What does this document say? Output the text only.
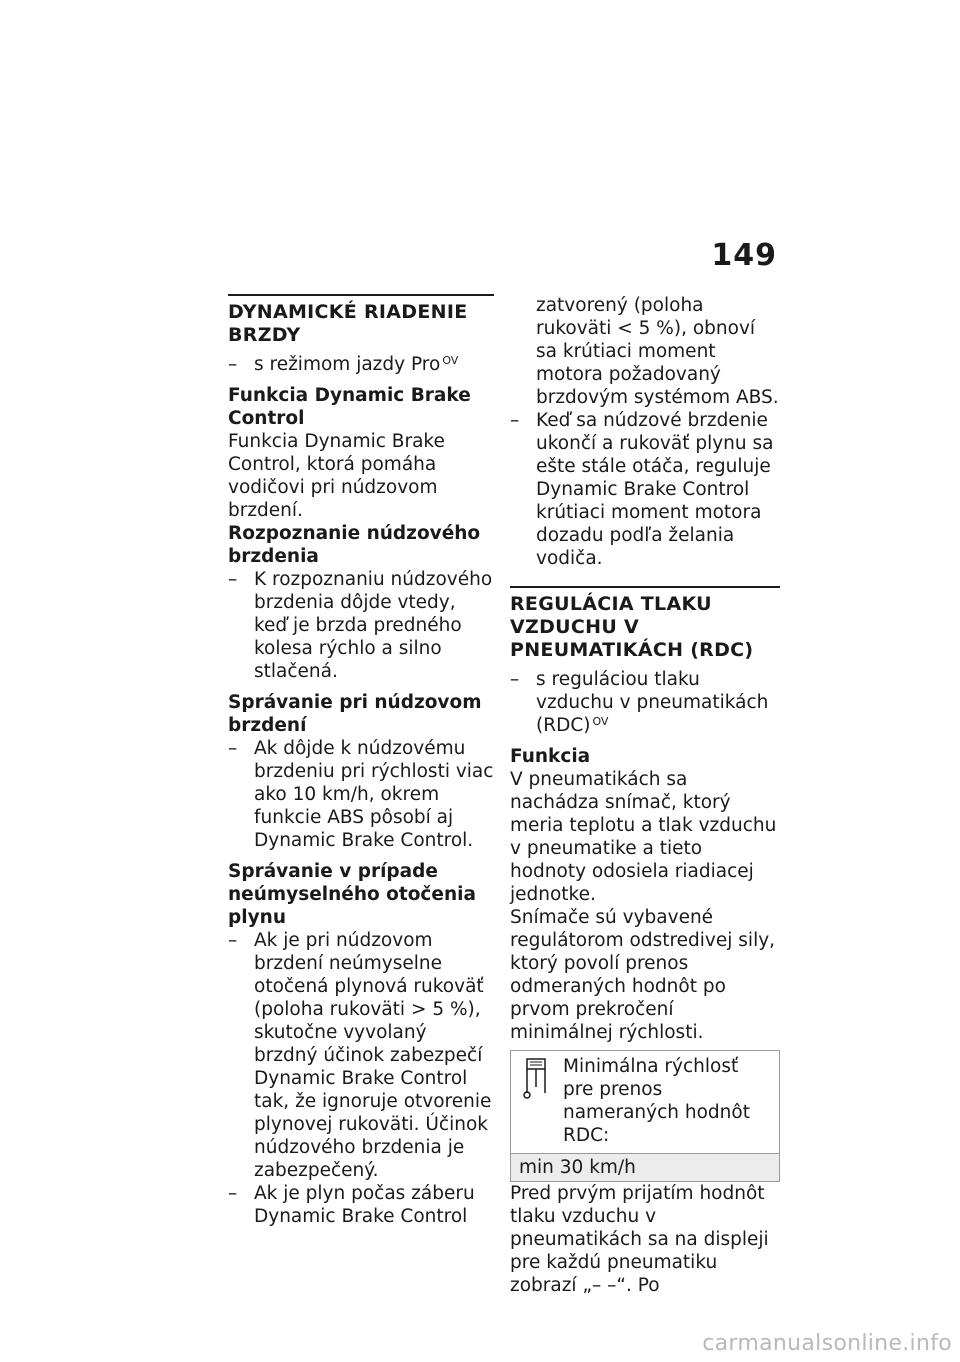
149
DYNAMICKÉ RIADENIE BRZDY

– s režimom jazdy Pro $^{OV}$

Funkcia Dynamic Brake Control

Funkcia Dynamic Brake Control, ktorá pomáha vodičovi pri núdzovom brzdení.

Rozpoznanie núdzového brzdenia

– K rozpoznaniu núdzového brzdenia dôjde vtedy, keď je brzda predného kolesa rýchlo a silno stlačená.

Správanie pri núdzovom brzdení

– Ak dôjde k núdzovému brzdeniu pri rýchlosti viac ako 10 km/h, okrem funkcie ABS pôsobí aj Dynamic Brake Control.

Správanie v prípade neúmyselného otočenia plynu

– Ak je pri núdzovom brzdení neúmyselne otočená plynová rukoväť (poloha rukoväti > 5 %), skutočne vyvolaný brzdný účinok zabezpečí Dynamic Brake Control tak, že ignoruje otvorenie plynovej rukoväti. Účinok núdzového brzdenia je zabezpečený.

– Ak je plyn počas záberu Dynamic Brake Control

zatvorený (poloha rukoväti < 5 %), obnoví sa krútiaci moment motora požadovaný brzdovým systémom ABS.

– Keď sa núdzové brzdenie ukončí a rukoväť plynu sa ešte stále otáča, reguluje Dynamic Brake Control krútiaci moment motora dozadu podľa želania vodiča.

REGULÁCIA TLAKU VZDUCHU V PNEUMATIKÁCH (RDC)

– s reguláciou tlaku vzduchu v pneumatikách (RDC) $^{OV}$

Funkcia

V pneumatikách sa nachádza snímač, ktorý meria teplotu a tlak vzduchu v pneumatike a tieto hodnoty odosiela riadiacej jednotke.

Snímače sú vybavené regulátorom odstredivej sily, ktorý povolí prenos odmeraných hodnôt po prvom prekročení minimálnej rýchlosti.

Minimálna rýchlosť pre prenos nameraných hodnôt RDC:
min 30 km/h

Pred prvým prijatím hodnôt tlaku vzduchu v pneumatikách sa na displeji pre každú pneumatiku zobrazí „– –“. Po

carmanualsonline.info
